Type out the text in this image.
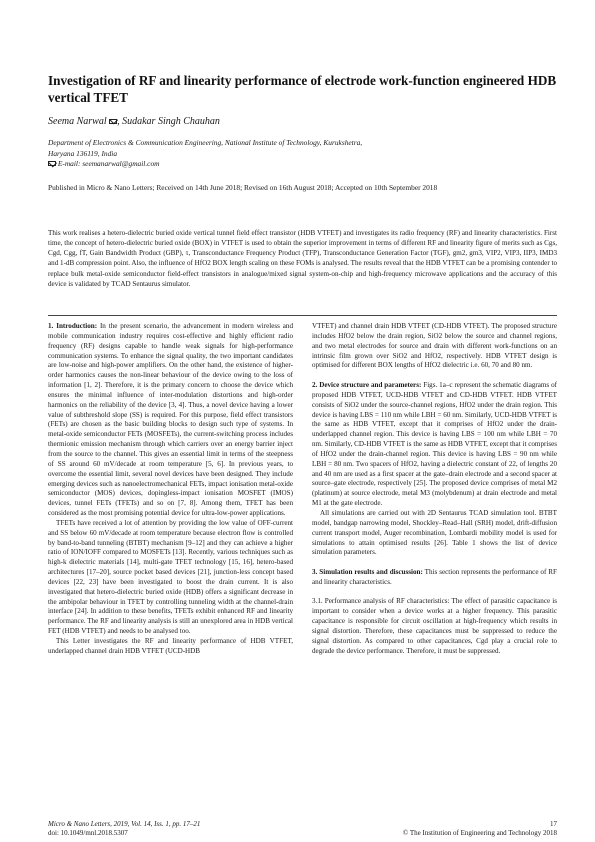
Investigation of RF and linearity performance of electrode work-function engineered HDB vertical TFET
Seema Narwal , Sudakar Singh Chauhan
Department of Electronics & Communication Engineering, National Institute of Technology, Kurukshetra,
Haryana 136119, India
E-mail: seemanarwal@gmail.com
Published in Micro & Nano Letters; Received on 14th June 2018; Revised on 16th August 2018; Accepted on 10th September 2018
This work realises a hetero-dielectric buried oxide vertical tunnel field effect transistor (HDB VTFET) and investigates its radio frequency (RF) and linearity characteristics. First time, the concept of hetero-dielectric buried oxide (BOX) in VTFET is used to obtain the superior improvement in terms of different RF and linearity figure of merits such as Cgs, Cgd, Cgg, fT, Gain Bandwidth Product (GBP), τ, Transconductance Frequency Product (TFP), Transconductance Generation Factor (TGF), gm2, gm3, VIP2, VIP3, IIP3, IMD3 and 1-dB compression point. Also, the influence of HfO2 BOX length scaling on these FOMs is analysed. The results reveal that the HDB VTFET can be a promising contender to replace bulk metal-oxide semiconductor field-effect transistors in analogue/mixed signal system-on-chip and high-frequency microwave applications and the accuracy of this device is validated by TCAD Sentaurus simulator.

1. Introduction: In the present scenario, the advancement in modern wireless and mobile communication industry requires cost-effective and highly efficient radio frequency (RF) designs capable to handle weak signals for high-performance communication systems. To enhance the signal quality, the two important candidates are low-noise and high-power amplifiers. On the other hand, the existence of higher-order harmonics causes the non-linear behaviour of the device owing to the loss of information [1, 2]. Therefore, it is the primary concern to choose the device which ensures the minimal influence of inter-modulation distortions and high-order harmonics on the reliability of the device [3, 4]. Thus, a novel device having a lower value of subthreshold slope (SS) is required. For this purpose, field effect transistors (FETs) are chosen as the basic building blocks to design such type of systems. In metal-oxide semiconductor FETs (MOSFETs), the current-switching process includes thermionic emission mechanism through which carriers over an energy barrier inject from the source to the channel. This gives an essential limit in terms of the steepness of SS around 60 mV/decade at room temperature [5, 6]. In previous years, to overcome the essential limit, several novel devices have been designed. They include emerging devices such as nanoelectromechanical FETs, impact ionisation metal-oxide semiconductor (MOS) devices, dopingless-impact ionisation MOSFET (IMOS) devices, tunnel FETs (TFETs) and so on [7, 8]. Among them, TFET has been considered as the most promising potential device for ultra-low-power applications.

TFETs have received a lot of attention by providing the low value of OFF-current and SS below 60 mV/decade at room temperature because electron flow is controlled by band-to-band tunneling (BTBT) mechanism [9–12] and they can achieve a higher ratio of ION/IOFF compared to MOSFETs [13]. Recently, various techniques such as high-k dielectric materials [14], multi-gate TFET technology [15, 16], hetero-based architectures [17–20], source pocket based devices [21], junction-less concept based devices [22, 23] have been investigated to boost the drain current. It is also investigated that hetero-dielectric buried oxide (HDB) offers a significant decrease in the ambipolar behaviour in TFET by controlling tunneling width at the channel-drain interface [24]. In addition to these benefits, TFETs exhibit enhanced RF and linearity performance. The RF and linearity analysis is still an unexplored area in HDB vertical FET (HDB VTFET) and needs to be analysed too.

This Letter investigates the RF and linearity performance of HDB VTFET, underlapped channel drain HDB VTFET (UCD-HDB

VTFET) and channel drain HDB VTFET (CD-HDB VTFET). The proposed structure includes HfO2 below the drain region, SiO2 below the source and channel regions, and two metal electrodes for source and drain with different work-functions on an intrinsic film grown over SiO2 and HfO2, respectively. HDB VTFET design is optimised for different BOX lengths of HfO2 dielectric i.e. 60, 70 and 80 nm.

2. Device structure and parameters: Figs. 1a–c represent the schematic diagrams of proposed HDB VTFET, UCD-HDB VTFET and CD-HDB VTFET. HDB VTFET consists of SiO2 under the source-channel regions, HfO2 under the drain region. This device is having LBS = 110 nm while LBH = 60 nm. Similarly, UCD-HDB VTFET is the same as HDB VTFET, except that it comprises of HfO2 under the drain-underlapped channel region. This device is having LBS = 100 nm while LBH = 70 nm. Similarly, CD-HDB VTFET is the same as HDB VTFET, except that it comprises of HfO2 under the drain-channel region. This device is having LBS = 90 nm while LBH = 80 nm. Two spacers of HfO2, having a dielectric constant of 22, of lengths 20 and 40 nm are used as a first spacer at the gate–drain electrode and a second spacer at source–gate electrode, respectively [25]. The proposed device comprises of metal M2 (platinum) at source electrode, metal M3 (molybdenum) at drain electrode and metal M1 at the gate electrode.

All simulations are carried out with 2D Sentaurus TCAD simulation tool. BTBT model, bandgap narrowing model, Shockley–Read–Hall (SRH) model, drift-diffusion current transport model, Auger recombination, Lombardi mobility model is used for simulations to attain optimised results [26]. Table 1 shows the list of device simulation parameters.

3. Simulation results and discussion: This section represents the performance of RF and linearity characteristics.

3.1. Performance analysis of RF characteristics: The effect of parasitic capacitance is important to consider when a device works at a higher frequency. This parasitic capacitance is responsible for circuit oscillation at high-frequency which results in signal distortion. Therefore, these capacitances must be suppressed to reduce the signal distortion. As compared to other capacitances, Cgd play a crucial role to degrade the device performance. Therefore, it must be suppressed.

Micro & Nano Letters, 2019, Vol. 14, Iss. 1, pp. 17–21
doi: 10.1049/mnl.2018.5307
17
© The Institution of Engineering and Technology 2018
